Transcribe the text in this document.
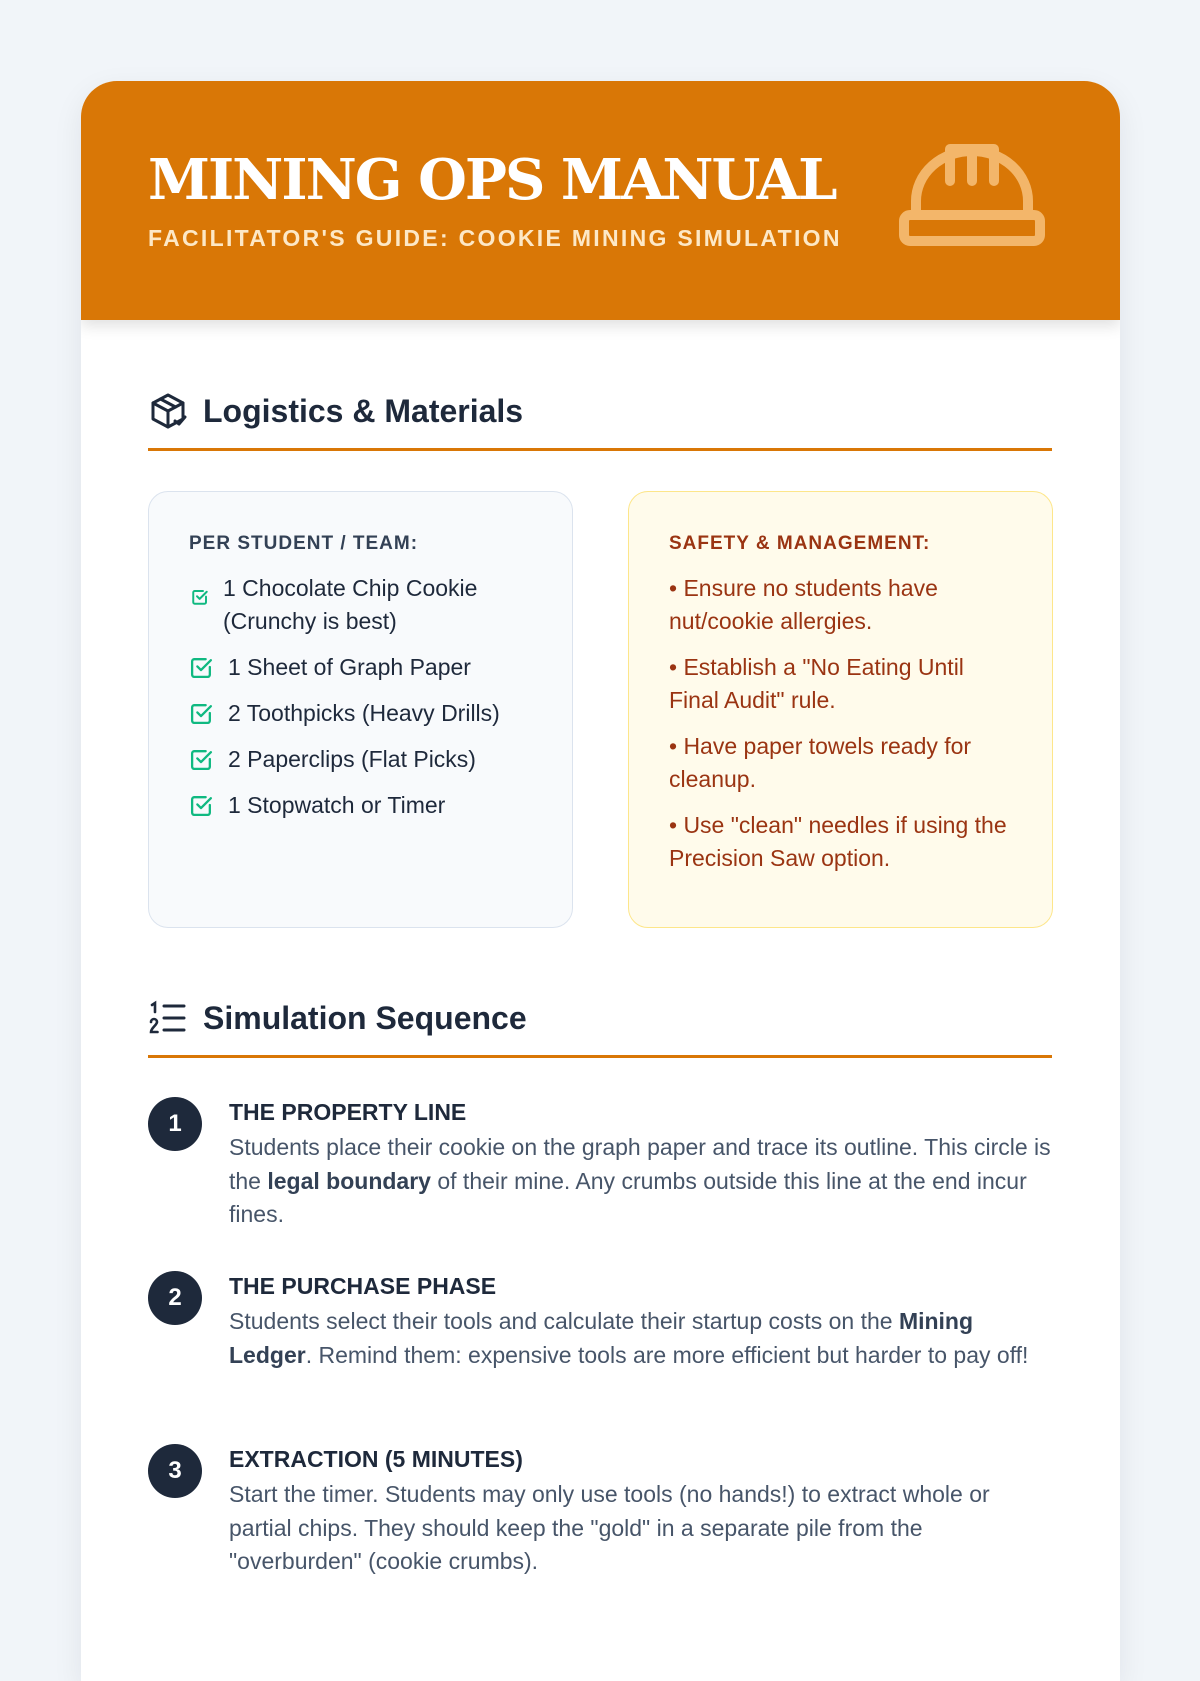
MINING OPS MANUAL
FACILITATOR'S GUIDE: COOKIE MINING SIMULATION
Logistics & Materials
PER STUDENT / TEAM:
1 Chocolate Chip Cookie (Crunchy is best)
1 Sheet of Graph Paper
2 Toothpicks (Heavy Drills)
2 Paperclips (Flat Picks)
1 Stopwatch or Timer
SAFETY & MANAGEMENT:
• Ensure no students have nut/cookie allergies.
• Establish a "No Eating Until Final Audit" rule.
• Have paper towels ready for cleanup.
• Use "clean" needles if using the Precision Saw option.
Simulation Sequence
1	THE PROPERTY LINE
Students place their cookie on the graph paper and trace its outline. This circle is the legal boundary of their mine. Any crumbs outside this line at the end incur fines.
2	THE PURCHASE PHASE
Students select their tools and calculate their startup costs on the Mining Ledger. Remind them: expensive tools are more efficient but harder to pay off!
3	EXTRACTION (5 MINUTES)
Start the timer. Students may only use tools (no hands!) to extract whole or partial chips. They should keep the "gold" in a separate pile from the "overburden" (cookie crumbs).
